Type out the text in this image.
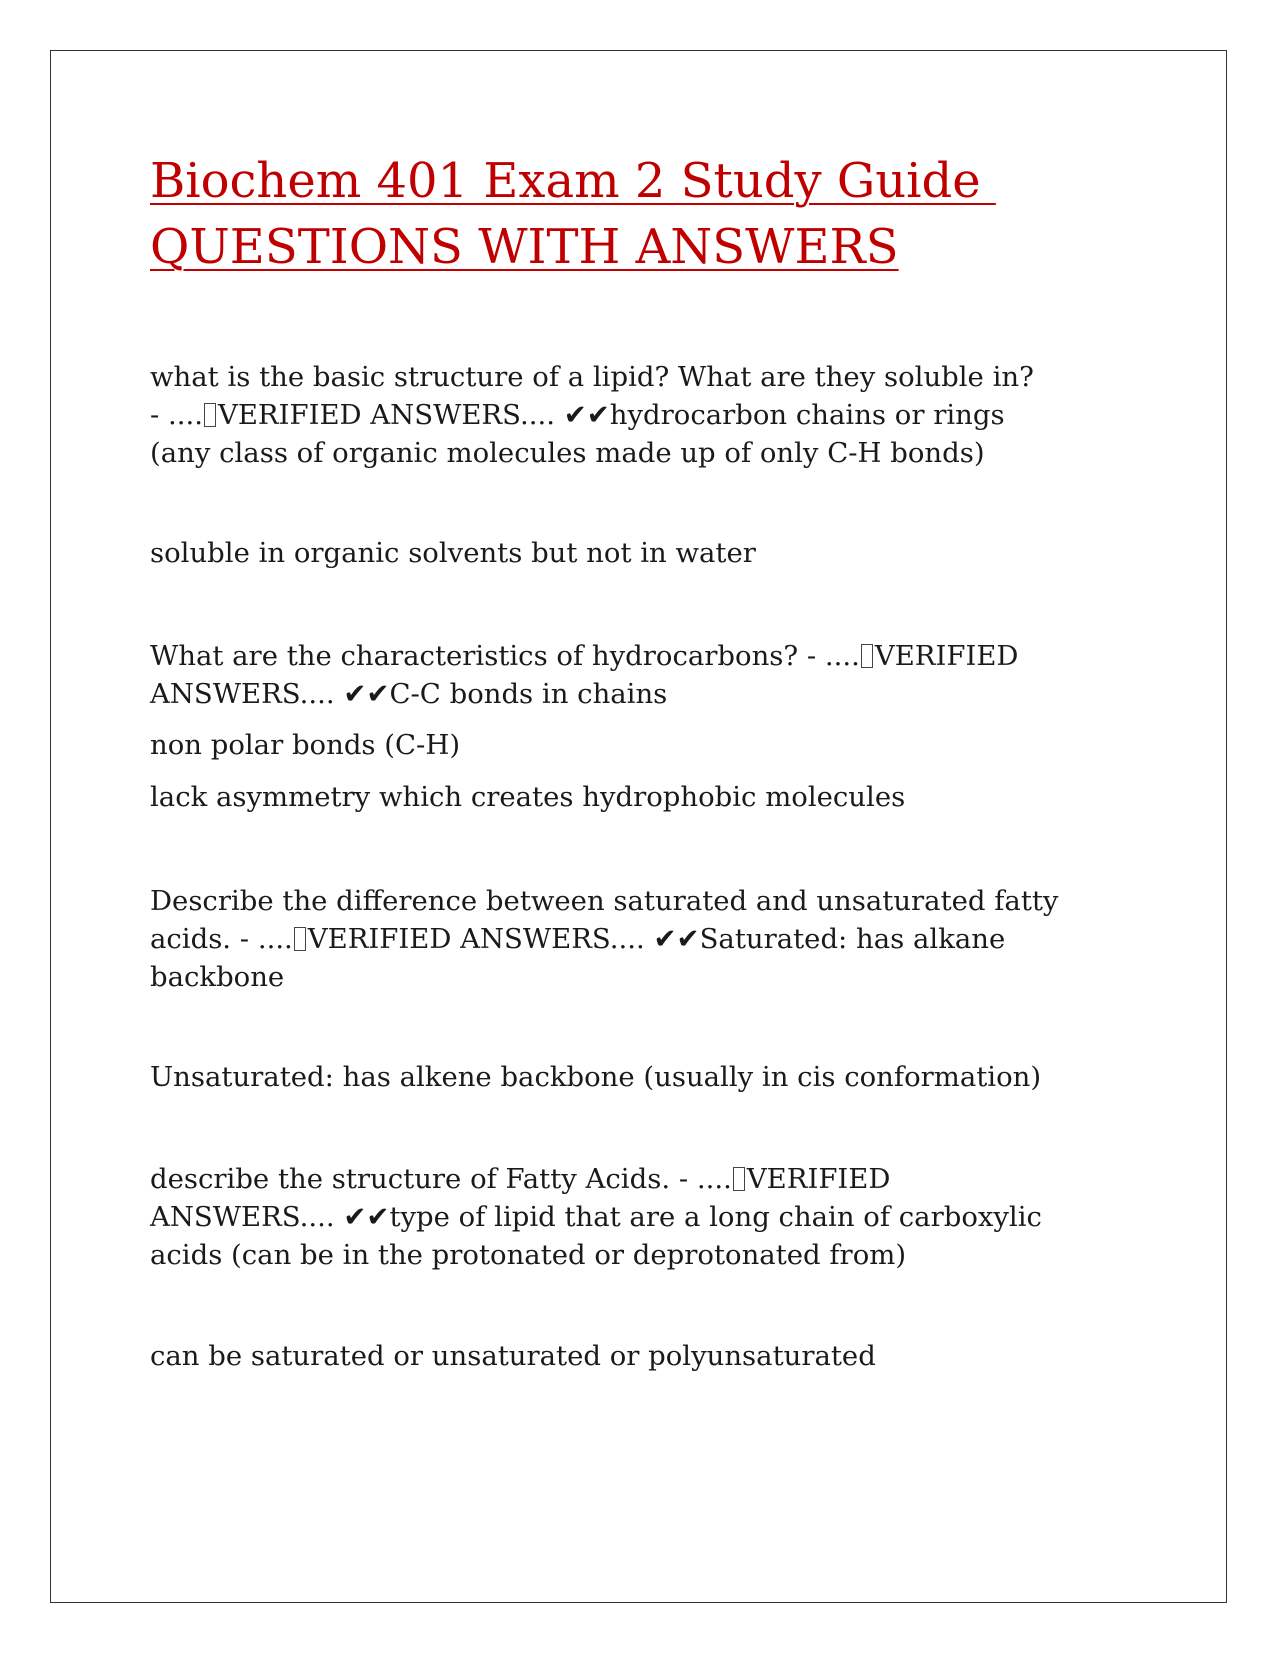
Biochem 401 Exam 2 Study Guide
QUESTIONS WITH ANSWERS

what is the basic structure of a lipid? What are they soluble in?
- .... VERIFIED ANSWERS.... ✔✔hydrocarbon chains or rings
(any class of organic molecules made up of only C-H bonds)

soluble in organic solvents but not in water

What are the characteristics of hydrocarbons? - .... VERIFIED
ANSWERS.... ✔✔C-C bonds in chains

non polar bonds (C-H)

lack asymmetry which creates hydrophobic molecules

Describe the difference between saturated and unsaturated fatty
acids. - .... VERIFIED ANSWERS.... ✔✔Saturated: has alkane
backbone

Unsaturated: has alkene backbone (usually in cis conformation)

describe the structure of Fatty Acids. - .... VERIFIED
ANSWERS.... ✔✔type of lipid that are a long chain of carboxylic
acids (can be in the protonated or deprotonated from)

can be saturated or unsaturated or polyunsaturated
